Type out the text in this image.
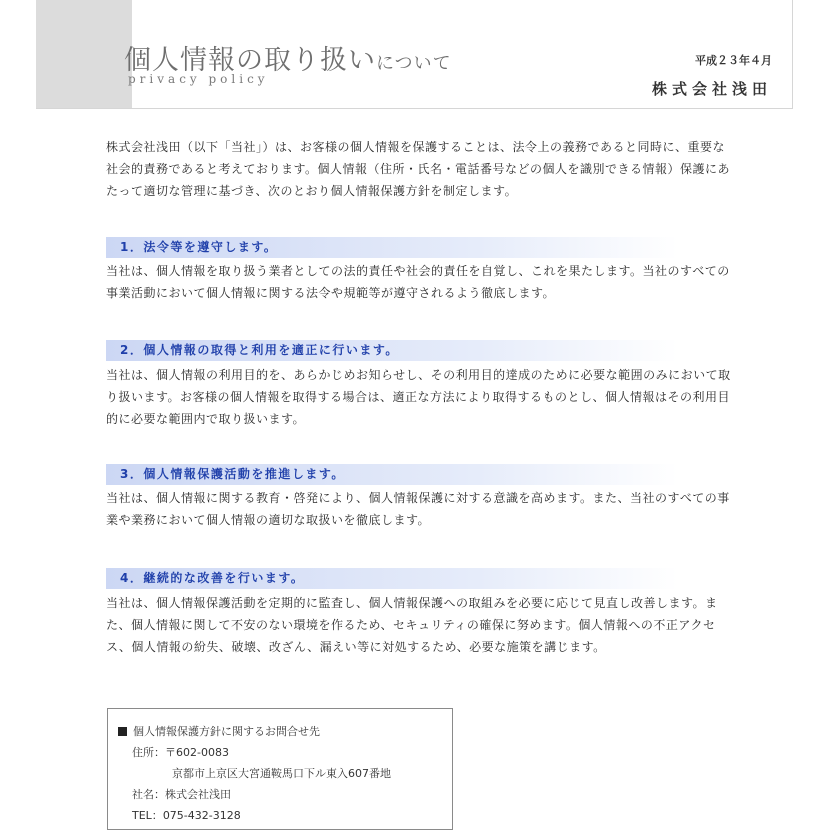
個人情報の取り扱いについて
privacy policy
平成２３年４月
株式会社浅田

株式会社浅田（以下「当社」）は、お客様の個人情報を保護することは、法令上の義務であると同時に、重要な社会的責務であると考えております。個人情報（住所・氏名・電話番号などの個人を識別できる情報）保護にあたって適切な管理に基づき、次のとおり個人情報保護方針を制定します。

1．法令等を遵守します。

当社は、個人情報を取り扱う業者としての法的責任や社会的責任を自覚し、これを果たします。当社のすべての事業活動において個人情報に関する法令や規範等が遵守されるよう徹底します。

2．個人情報の取得と利用を適正に行います。

当社は、個人情報の利用目的を、あらかじめお知らせし、その利用目的達成のために必要な範囲のみにおいて取り扱います。お客様の個人情報を取得する場合は、適正な方法により取得するものとし、個人情報はその利用目的に必要な範囲内で取り扱います。

3．個人情報保護活動を推進します。

当社は、個人情報に関する教育・啓発により、個人情報保護に対する意識を高めます。また、当社のすべての事業や業務において個人情報の適切な取扱いを徹底します。

4．継続的な改善を行います。

当社は、個人情報保護活動を定期的に監査し、個人情報保護への取組みを必要に応じて見直し改善します。また、個人情報に関して不安のない環境を作るため、セキュリティの確保に努めます。個人情報への不正アクセス、個人情報の紛失、破壊、改ざん、漏えい等に対処するため、必要な施策を講じます。

個人情報保護方針に関するお問合せ先
住所：〒602-0083
京都市上京区大宮通鞍馬口下ル東入607番地
社名：株式会社浅田
TEL：075-432-3128
